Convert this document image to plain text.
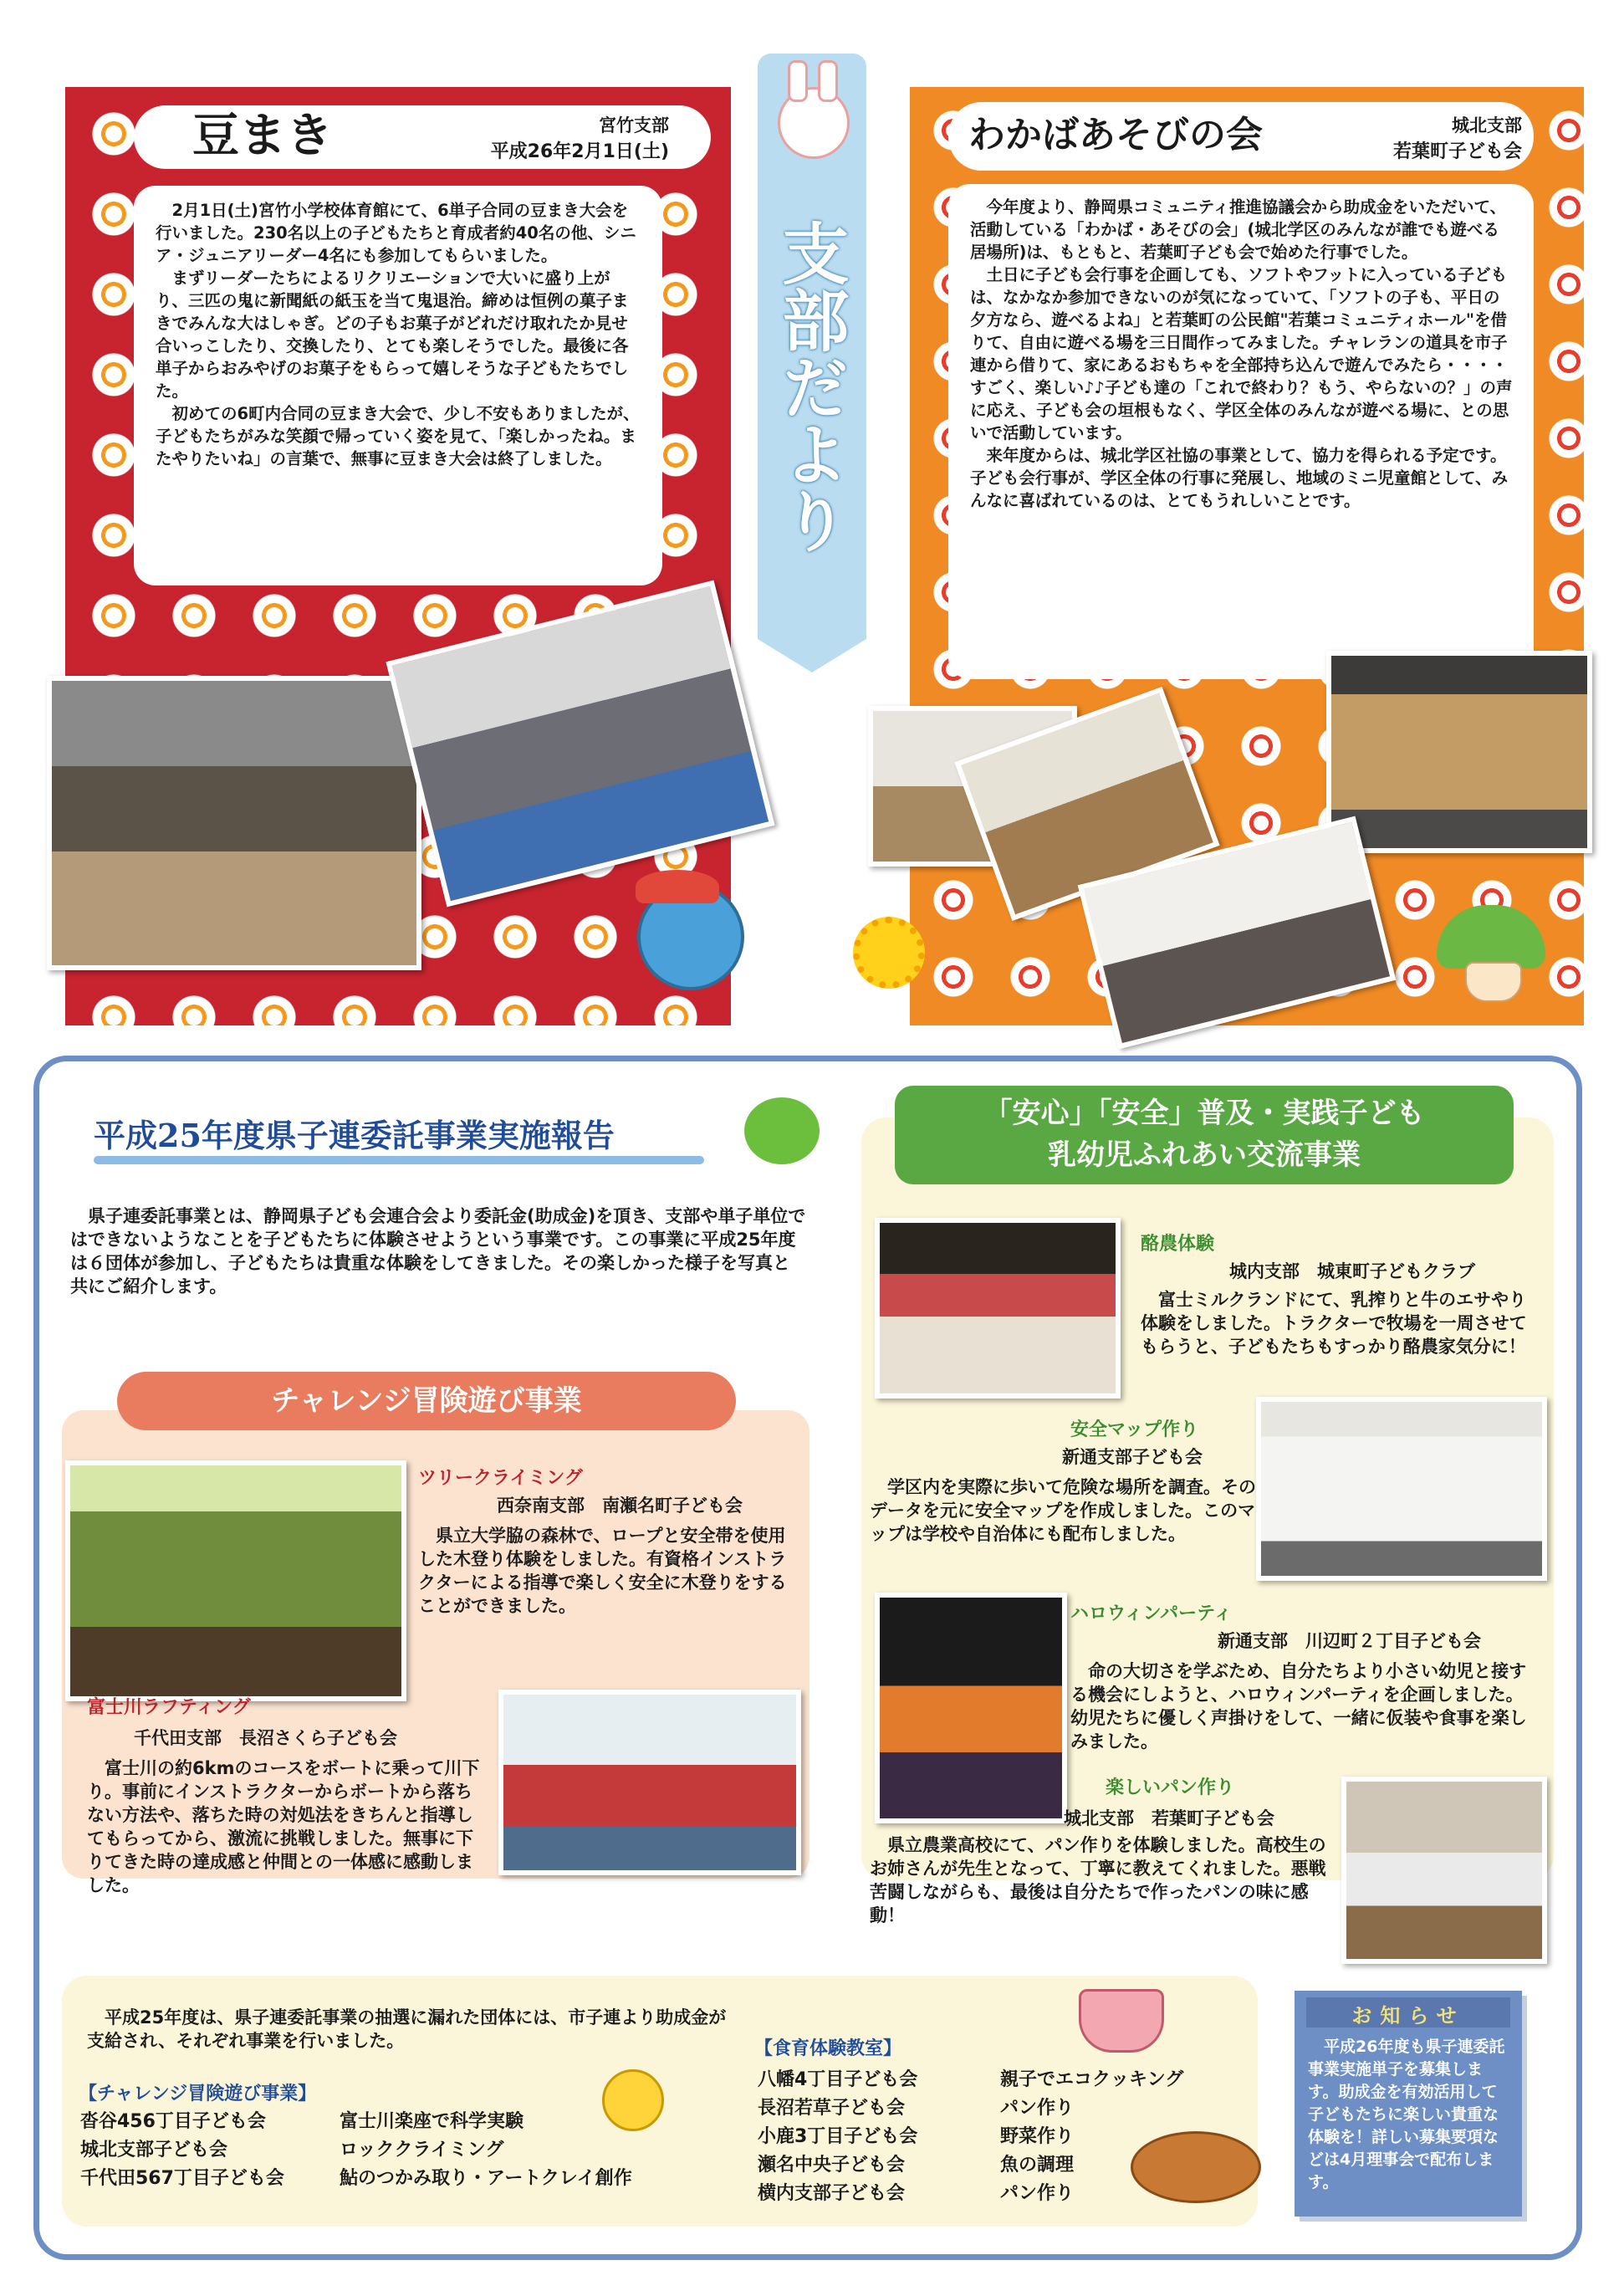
豆まき	宮竹支部
平成26年2月1日(土)

2月1日(土)宮竹小学校体育館にて、6単子合同の豆まき大会を行いました。230名以上の子どもたちと育成者約40名の他、シニア・ジュニアリーダー4名にも参加してもらいました。

まずリーダーたちによるリクリエーションで大いに盛り上がり、三匹の鬼に新聞紙の紙玉を当て鬼退治。締めは恒例の菓子まきでみんな大はしゃぎ。どの子もお菓子がどれだけ取れたか見せ合いっこしたり、交換したり、とても楽しそうでした。最後に各単子からおみやげのお菓子をもらって嬉しそうな子どもたちでした。

初めての6町内合同の豆まき大会で、少し不安もありましたが、子どもたちがみな笑顔で帰っていく姿を見て、「楽しかったね。またやりたいね」の言葉で、無事に豆まき大会は終了しました。	支部だより
わかばあそびの会	城北支部
若葉町子ども会

今年度より、静岡県コミュニティ推進協議会から助成金をいただいて、活動している「わかば・あそびの会」(城北学区のみんなが誰でも遊べる居場所)は、もともと、若葉町子ども会で始めた行事でした。

土日に子ども会行事を企画しても、ソフトやフットに入っている子どもは、なかなか参加できないのが気になっていて、「ソフトの子も、平日の夕方なら、遊べるよね」と若葉町の公民館"若葉コミュニティホール"を借りて、自由に遊べる場を三日間作ってみました。チャレランの道具を市子連から借りて、家にあるおもちゃを全部持ち込んで遊んでみたら・・・・すごく、楽しい♪♪子ども達の「これで終わり？もう、やらないの？」の声に応え、子ども会の垣根もなく、学区全体のみんなが遊べる場に、との思いで活動しています。

来年度からは、城北学区社協の事業として、協力を得られる予定です。子ども会行事が、学区全体の行事に発展し、地域のミニ児童館として、みんなに喜ばれているのは、とてもうれしいことです。

平成25年度県子連委託事業実施報告

県子連委託事業とは、静岡県子ども会連合会より委託金(助成金)を頂き、支部や単子単位ではできないようなことを子どもたちに体験させようという事業です。この事業に平成25年度は６団体が参加し、子どもたちは貴重な体験をしてきました。その楽しかった様子を写真と共にご紹介します。

チャレンジ冒険遊び事業
ツリークライミング
西奈南支部　南瀬名町子ども会

県立大学脇の森林で、ロープと安全帯を使用した木登り体験をしました。有資格インストラクターによる指導で楽しく安全に木登りをすることができました。

富士川ラフティング
千代田支部　長沼さくら子ども会

富士川の約6kmのコースをボートに乗って川下り。事前にインストラクターからボートから落ちない方法や、落ちた時の対処法をきちんと指導してもらってから、激流に挑戦しました。無事に下りてきた時の達成感と仲間との一体感に感動しました。

「安心」「安全」普及・実践子ども
乳幼児ふれあい交流事業
酪農体験
城内支部　城東町子どもクラブ

富士ミルクランドにて、乳搾りと牛のエサやり体験をしました。トラクターで牧場を一周させてもらうと、子どもたちもすっかり酪農家気分に！

安全マップ作り
新通支部子ども会

学区内を実際に歩いて危険な場所を調査。そのデータを元に安全マップを作成しました。このマップは学校や自治体にも配布しました。

ハロウィンパーティ
新通支部　川辺町２丁目子ども会

命の大切さを学ぶため、自分たちより小さい幼児と接する機会にしようと、ハロウィンパーティを企画しました。幼児たちに優しく声掛けをして、一緒に仮装や食事を楽しみました。

楽しいパン作り
城北支部　若葉町子ども会

県立農業高校にて、パン作りを体験しました。高校生のお姉さんが先生となって、丁寧に教えてくれました。悪戦苦闘しながらも、最後は自分たちで作ったパンの味に感動！

平成25年度は、県子連委託事業の抽選に漏れた団体には、市子連より助成金が支給され、それぞれ事業を行いました。

【チャレンジ冒険遊び事業】
沓谷456丁目子ども会	富士川楽座で科学実験
城北支部子ども会	ロッククライミング
千代田567丁目子ども会	鮎のつかみ取り・アートクレイ創作
【食育体験教室】
八幡4丁目子ども会	親子でエコクッキング
長沼若草子ども会	パン作り
小鹿3丁目子ども会	野菜作り
瀬名中央子ども会	魚の調理
横内支部子ども会	パン作り
お知らせ

平成26年度も県子連委託事業実施単子を募集します。助成金を有効活用して子どもたちに楽しい貴重な体験を！詳しい募集要項などは4月理事会で配布します。
